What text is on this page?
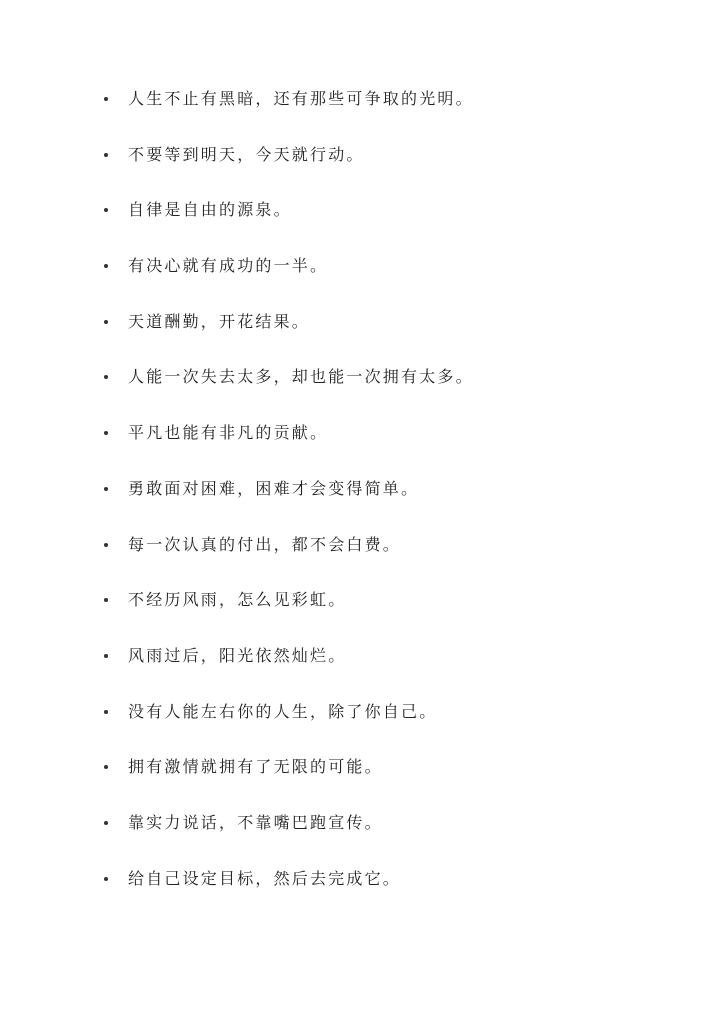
人生不止有黑暗，还有那些可争取的光明。
不要等到明天，今天就行动。
自律是自由的源泉。
有决心就有成功的一半。
天道酬勤，开花结果。
人能一次失去太多，却也能一次拥有太多。
平凡也能有非凡的贡献。
勇敢面对困难，困难才会变得简单。
每一次认真的付出，都不会白费。
不经历风雨，怎么见彩虹。
风雨过后，阳光依然灿烂。
没有人能左右你的人生，除了你自己。
拥有激情就拥有了无限的可能。
靠实力说话，不靠嘴巴跑宣传。
给自己设定目标，然后去完成它。
